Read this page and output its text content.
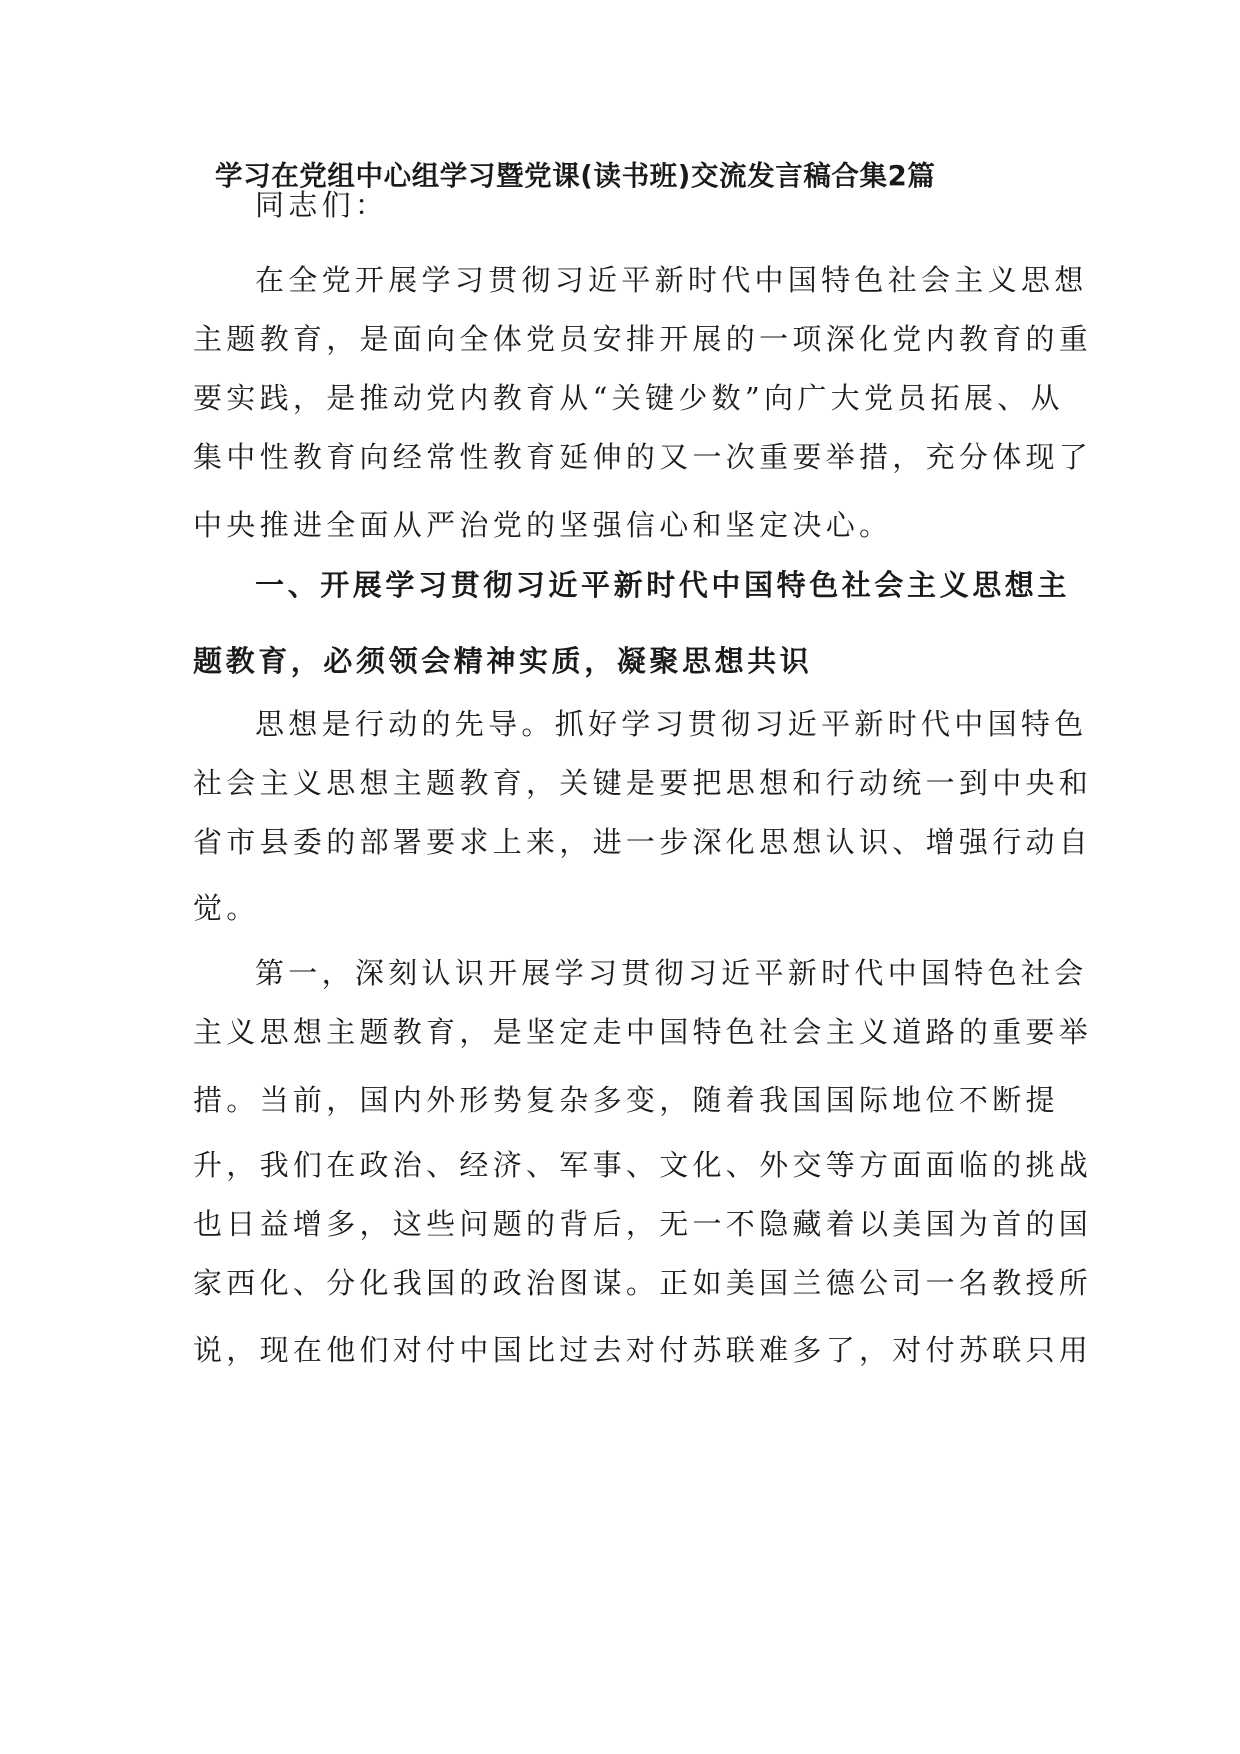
学习在党组中心组学习暨党课(读书班)交流发言稿合集2篇

同志们：

在全党开展学习贯彻习近平新时代中国特色社会主义思想

主题教育，是面向全体党员安排开展的一项深化党内教育的重

要实践，是推动党内教育从“关键少数”向广大党员拓展、从

集中性教育向经常性教育延伸的又一次重要举措，充分体现了

中央推进全面从严治党的坚强信心和坚定决心。

一、开展学习贯彻习近平新时代中国特色社会主义思想主

题教育，必须领会精神实质，凝聚思想共识

思想是行动的先导。抓好学习贯彻习近平新时代中国特色

社会主义思想主题教育，关键是要把思想和行动统一到中央和

省市县委的部署要求上来，进一步深化思想认识、增强行动自

觉。

第一，深刻认识开展学习贯彻习近平新时代中国特色社会

主义思想主题教育，是坚定走中国特色社会主义道路的重要举

措。当前，国内外形势复杂多变，随着我国国际地位不断提

升，我们在政治、经济、军事、文化、外交等方面面临的挑战

也日益增多，这些问题的背后，无一不隐藏着以美国为首的国

家西化、分化我国的政治图谋。正如美国兰德公司一名教授所

说，现在他们对付中国比过去对付苏联难多了，对付苏联只用
